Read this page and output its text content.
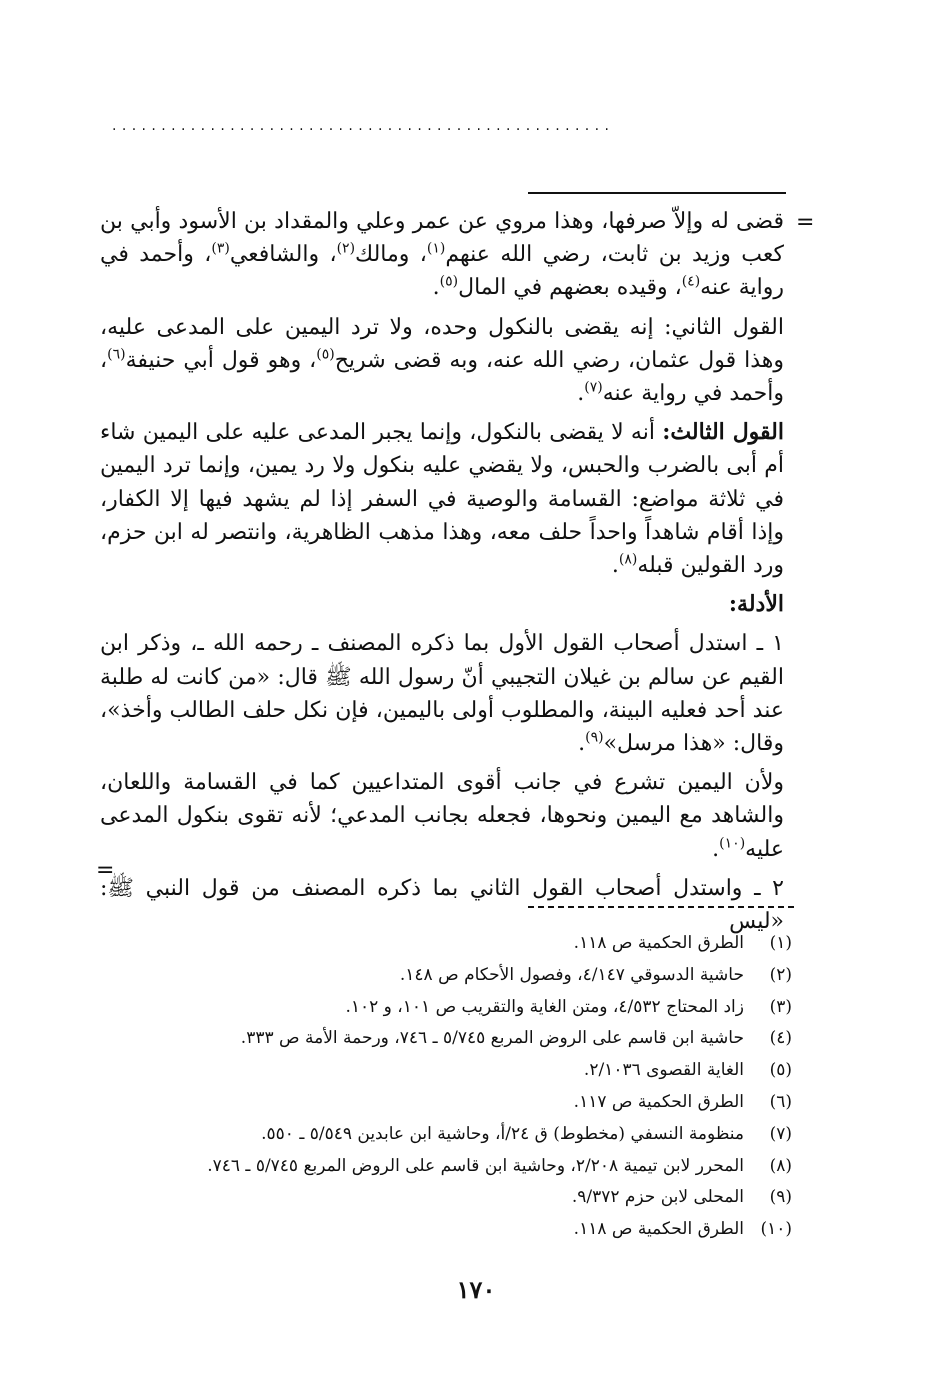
...................................................
=

قضى له وإلاّ صرفها، وهذا مروي عن عمر وعلي والمقداد بن الأسود وأبي بن كعب وزيد بن ثابت، رضي الله عنهم$^{(١)}$، ومالك$^{(٢)}$، والشافعي$^{(٣)}$، وأحمد في رواية عنه$^{(٤)}$، وقيده بعضهم في المال$^{(٥)}$.

القول الثاني: إنه يقضى بالنكول وحده، ولا ترد اليمين على المدعى عليه، وهذا قول عثمان، رضي الله عنه، وبه قضى شريح$^{(٥)}$، وهو قول أبي حنيفة$^{(٦)}$، وأحمد في رواية عنه$^{(٧)}$.

القول الثالث: أنه لا يقضى بالنكول، وإنما يجبر المدعى عليه على اليمين شاء أم أبى بالضرب والحبس، ولا يقضي عليه بنكول ولا رد يمين، وإنما ترد اليمين في ثلاثة مواضع: القسامة والوصية في السفر إذا لم يشهد فيها إلا الكفار، وإذا أقام شاهداً واحداً حلف معه، وهذا مذهب الظاهرية، وانتصر له ابن حزم، ورد القولين قبله$^{(٨)}$.

الأدلة:

١ ـ استدل أصحاب القول الأول بما ذكره المصنف ـ رحمه الله ـ، وذكر ابن القيم عن سالم بن غيلان التجيبي أنّ رسول الله ﷺ قال: «من كانت له طلبة عند أحد فعليه البينة، والمطلوب أولى باليمين، فإن نكل حلف الطالب وأخذ»، وقال: «هذا مرسل»$^{(٩)}$.

ولأن اليمين تشرع في جانب أقوى المتداعيين كما في القسامة واللعان، والشاهد مع اليمين ونحوها، فجعله بجانب المدعي؛ لأنه تقوى بنكول المدعى عليه$^{(١٠)}$.

٢ ـ واستدل أصحاب القول الثاني بما ذكره المصنف من قول النبي ﷺ: «ليس

=
(١)
الطرق الحكمية ص ١١٨.
(٢)
حاشية الدسوقي ٤/١٤٧، وفصول الأحكام ص ١٤٨.
(٣)
زاد المحتاج ٤/٥٣٢، ومتن الغاية والتقريب ص ١٠١، و ١٠٢.
(٤)
حاشية ابن قاسم على الروض المربع ٥/٧٤٥ ـ ٧٤٦، ورحمة الأمة ص ٣٣٣.
(٥)
الغاية القصوى ٢/١٠٣٦.
(٦)
الطرق الحكمية ص ١١٧.
(٧)
منظومة النسفي (مخطوط) ق ٢٤/أ، وحاشية ابن عابدين ٥/٥٤٩ ـ ٥٥٠.
(٨)
المحرر لابن تيمية ٢/٢٠٨، وحاشية ابن قاسم على الروض المربع ٥/٧٤٥ ـ ٧٤٦.
(٩)
المحلى لابن حزم ٩/٣٧٢.
(١٠)
الطرق الحكمية ص ١١٨.
١٧٠
